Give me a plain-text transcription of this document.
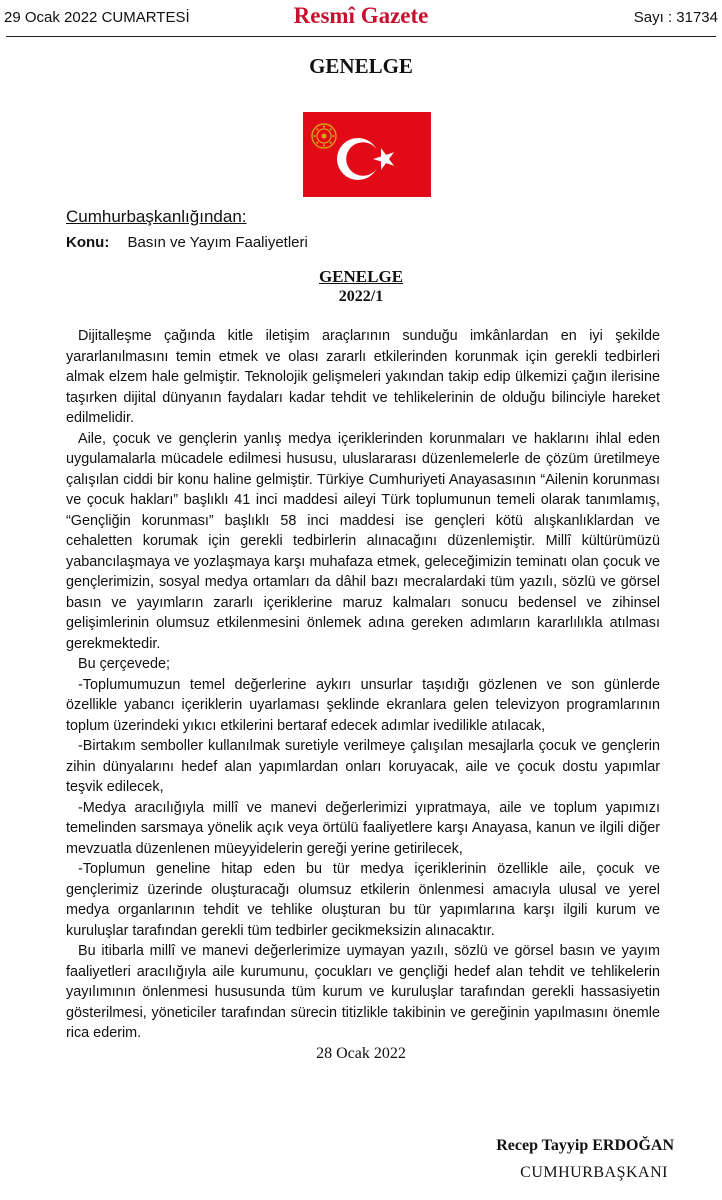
29 Ocak 2022 CUMARTESİ	Resmî Gazete	Sayı : 31734
GENELGE
Cumhurbaşkanlığından:
Konu: Basın ve Yayım Faaliyetleri
GENELGE
2022/1

Dijitalleşme çağında kitle iletişim araçlarının sunduğu imkânlardan en iyi şekilde yararlanılmasını temin etmek ve olası zararlı etkilerinden korunmak için gerekli tedbirleri almak elzem hale gelmiştir. Teknolojik gelişmeleri yakından takip edip ülkemizi çağın ilerisine taşırken dijital dünyanın faydaları kadar tehdit ve tehlikelerinin de olduğu bilinciyle hareket edilmelidir.

Aile, çocuk ve gençlerin yanlış medya içeriklerinden korunmaları ve haklarını ihlal eden uygulamalarla mücadele edilmesi hususu, uluslararası düzenlemelerle de çözüm üretilmeye çalışılan ciddi bir konu haline gelmiştir. Türkiye Cumhuriyeti Anayasasının “Ailenin korunması ve çocuk hakları” başlıklı 41 inci maddesi aileyi Türk toplumunun temeli olarak tanımlamış, “Gençliğin korunması” başlıklı 58 inci maddesi ise gençleri kötü alışkanlıklardan ve cehaletten korumak için gerekli tedbirlerin alınacağını düzenlemiştir. Millî kültürümüzü yabancılaşmaya ve yozlaşmaya karşı muhafaza etmek, geleceğimizin teminatı olan çocuk ve gençlerimizin, sosyal medya ortamları da dâhil bazı mecralardaki tüm yazılı, sözlü ve görsel basın ve yayımların zararlı içeriklerine maruz kalmaları sonucu bedensel ve zihinsel gelişimlerinin olumsuz etkilenmesini önlemek adına gereken adımların kararlılıkla atılması gerekmektedir.

Bu çerçevede;

-Toplumumuzun temel değerlerine aykırı unsurlar taşıdığı gözlenen ve son günlerde özellikle yabancı içeriklerin uyarlaması şeklinde ekranlara gelen televizyon programlarının toplum üzerindeki yıkıcı etkilerini bertaraf edecek adımlar ivedilikle atılacak,

-Birtakım semboller kullanılmak suretiyle verilmeye çalışılan mesajlarla çocuk ve gençlerin zihin dünyalarını hedef alan yapımlardan onları koruyacak, aile ve çocuk dostu yapımlar teşvik edilecek,

-Medya aracılığıyla millî ve manevi değerlerimizi yıpratmaya, aile ve toplum yapımızı temelinden sarsmaya yönelik açık veya örtülü faaliyetlere karşı Anayasa, kanun ve ilgili diğer mevzuatla düzenlenen müeyyidelerin gereği yerine getirilecek,

-Toplumun geneline hitap eden bu tür medya içeriklerinin özellikle aile, çocuk ve gençlerimiz üzerinde oluşturacağı olumsuz etkilerin önlenmesi amacıyla ulusal ve yerel medya organlarının tehdit ve tehlike oluşturan bu tür yapımlarına karşı ilgili kurum ve kuruluşlar tarafından gerekli tüm tedbirler gecikmeksizin alınacaktır.

Bu itibarla millî ve manevi değerlerimize uymayan yazılı, sözlü ve görsel basın ve yayım faaliyetleri aracılığıyla aile kurumunu, çocukları ve gençliği hedef alan tehdit ve tehlikelerin yayılımının önlenmesi hususunda tüm kurum ve kuruluşlar tarafından gerekli hassasiyetin gösterilmesi, yöneticiler tarafından sürecin titizlikle takibinin ve gereğinin yapılmasını önemle rica ederim.

28 Ocak 2022
Recep Tayyip ERDOĞAN
CUMHURBAŞKANI
